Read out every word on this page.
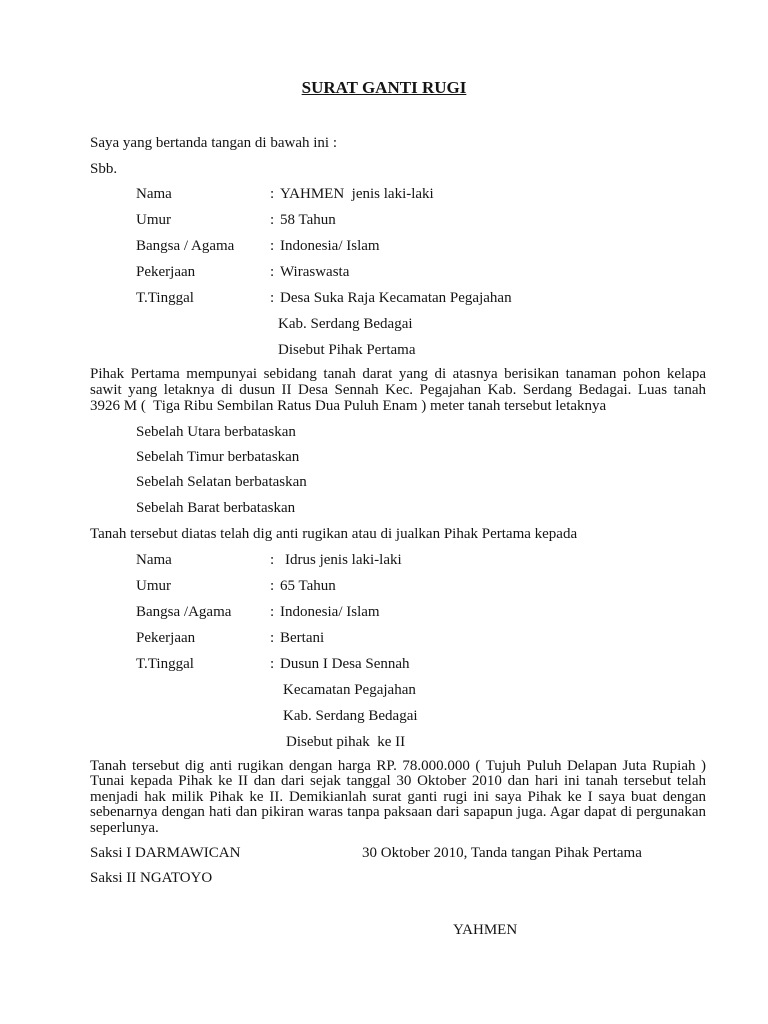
SURAT GANTI RUGI
Saya yang bertanda tangan di bawah ini :
Sbb.
Nama	: YAHMEN  jenis laki-laki
Umur	: 58 Tahun
Bangsa / Agama : Indonesia/ Islam
Pekerjaan	: Wiraswasta
T.Tinggal	: Desa Suka Raja Kecamatan Pegajahan
Kab. Serdang Bedagai
Disebut Pihak Pertama
Pihak Pertama mempunyai sebidang tanah darat yang di atasnya berisikan tanaman pohon kelapa
sawit yang letaknya di dusun II Desa Sennah Kec. Pegajahan Kab. Serdang Bedagai. Luas tanah
3926 M (  Tiga Ribu Sembilan Ratus Dua Puluh Enam ) meter tanah tersebut letaknya
Sebelah Utara berbataskan
Sebelah Timur berbataskan
Sebelah Selatan berbataskan
Sebelah Barat berbataskan
Tanah tersebut diatas telah dig anti rugikan atau di jualkan Pihak Pertama kepada
Nama	: Idrus jenis laki-laki
Umur	: 65 Tahun
Bangsa /Agama	: Indonesia/ Islam
Pekerjaan	: Bertani
T.Tinggal	: Dusun I Desa Sennah
Kecamatan Pegajahan
Kab. Serdang Bedagai
Disebut pihak  ke II
Tanah tersebut dig anti rugikan dengan harga RP. 78.000.000 ( Tujuh Puluh Delapan Juta Rupiah )
Tunai kepada Pihak ke II dan dari sejak tanggal 30 Oktober 2010 dan hari ini tanah tersebut telah
menjadi hak milik Pihak ke II. Demikianlah surat ganti rugi ini saya Pihak ke I saya buat dengan
sebenarnya dengan hati dan pikiran waras tanpa paksaan dari sapapun juga. Agar dapat di pergunakan
seperlunya.
Saksi I DARMAWICAN	30 Oktober 2010, Tanda tangan Pihak Pertama
Saksi II NGATOYO
YAHMEN
